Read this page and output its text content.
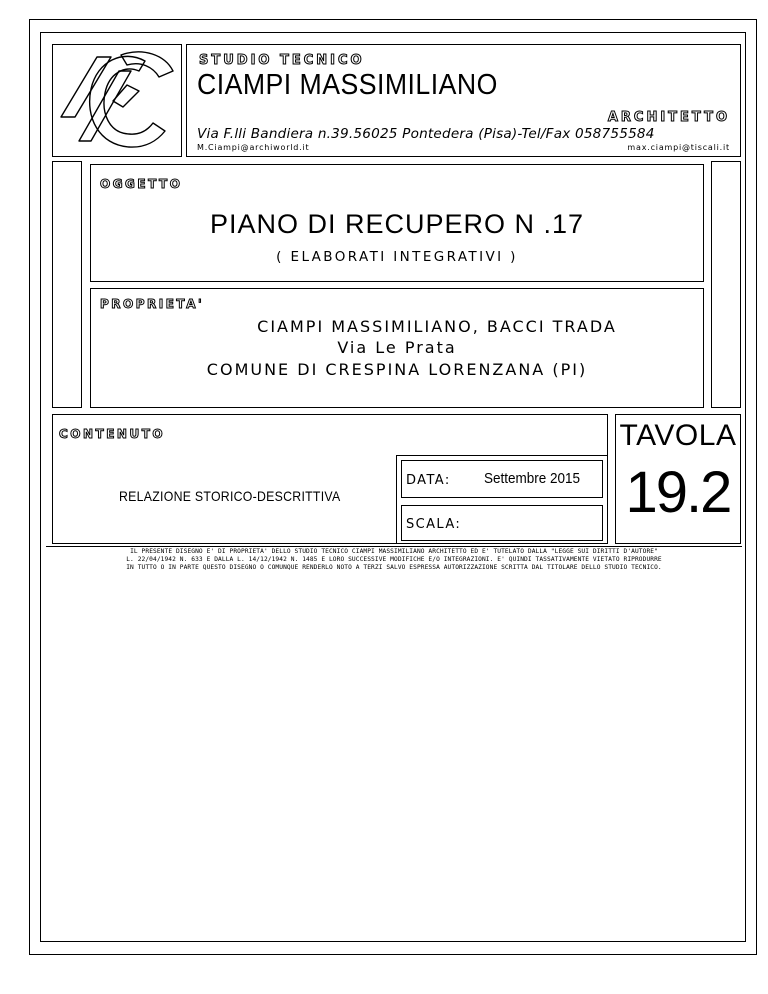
STUDIO TECNICO
CIAMPI MASSIMILIANO
ARCHITETTO
Via F.lli Bandiera n.39.56025 Pontedera (Pisa)-Tel/Fax 058755584
M.Ciampi@archiworld.it	max.ciampi@tiscali.it
OGGETTO
PIANO DI RECUPERO N .17
( ELABORATI INTEGRATIVI )
PROPRIETA'
CIAMPI MASSIMILIANO, BACCI TRADA
Via Le Prata
COMUNE DI CRESPINA LORENZANA (PI)
CONTENUTO
RELAZIONE STORICO-DESCRITTIVA
DATA: Settembre 2015
SCALA:
TAVOLA
19.2
IL PRESENTE DISEGNO E' DI PROPRIETA' DELLO STUDIO TECNICO CIAMPI MASSIMILIANO ARCHITETTO ED E' TUTELATO DALLA "LEGGE SUI DIRITTI D'AUTORE"
L. 22/04/1942 N. 633 E DALLA L. 14/12/1942 N. 1485 E LORO SUCCESSIVE MODIFICHE E/O INTEGRAZIONI. E' QUINDI TASSATIVAMENTE VIETATO RIPRODURRE
IN TUTTO O IN PARTE QUESTO DISEGNO O COMUNQUE RENDERLO NOTO A TERZI SALVO ESPRESSA AUTORIZZAZIONE SCRITTA DAL TITOLARE DELLO STUDIO TECNICO.
